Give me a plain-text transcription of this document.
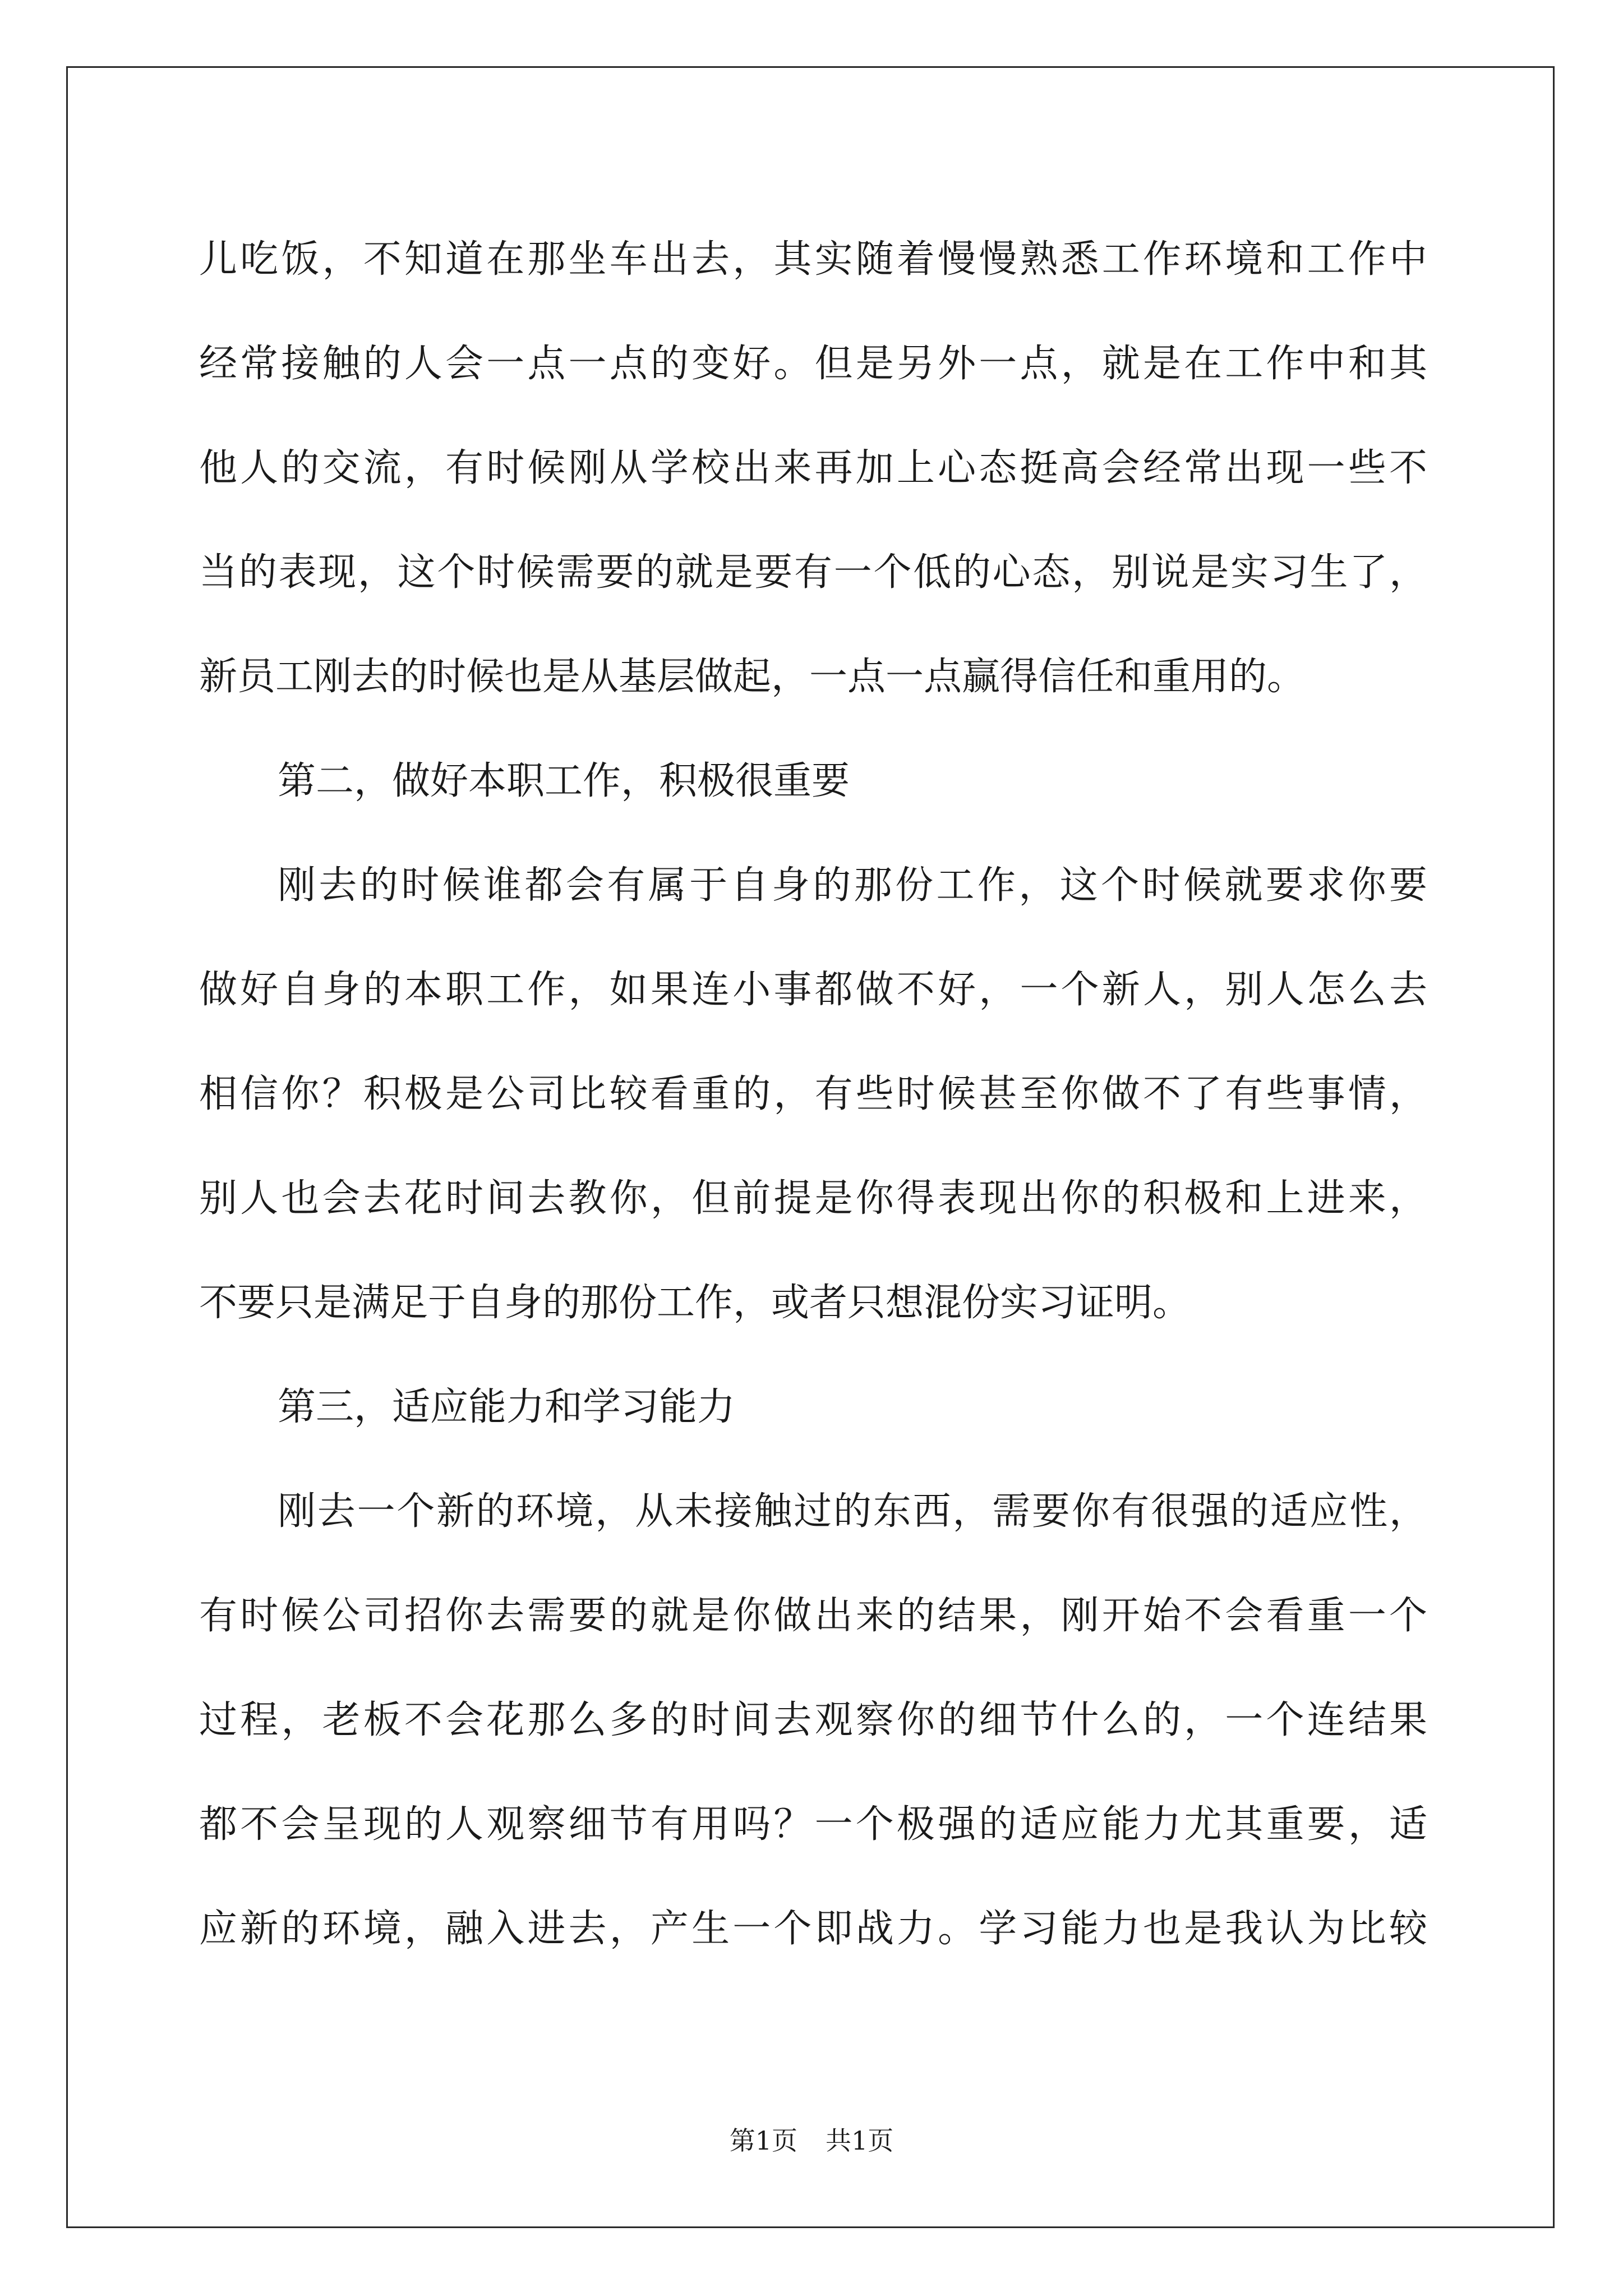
儿吃饭，不知道在那坐车出去，其实随着慢慢熟悉工作环境和工作中
经常接触的人会一点一点的变好。但是另外一点，就是在工作中和其
他人的交流，有时候刚从学校出来再加上心态挺高会经常出现一些不
当的表现，这个时候需要的就是要有一个低的心态，别说是实习生了，
新员工刚去的时候也是从基层做起，一点一点赢得信任和重用的。
第二，做好本职工作，积极很重要
刚去的时候谁都会有属于自身的那份工作，这个时候就要求你要
做好自身的本职工作，如果连小事都做不好，一个新人，别人怎么去
相信你？积极是公司比较看重的，有些时候甚至你做不了有些事情，
别人也会去花时间去教你，但前提是你得表现出你的积极和上进来，
不要只是满足于自身的那份工作，或者只想混份实习证明。
第三，适应能力和学习能力
刚去一个新的环境，从未接触过的东西，需要你有很强的适应性，
有时候公司招你去需要的就是你做出来的结果，刚开始不会看重一个
过程，老板不会花那么多的时间去观察你的细节什么的，一个连结果
都不会呈现的人观察细节有用吗？一个极强的适应能力尤其重要，适
应新的环境，融入进去，产生一个即战力。学习能力也是我认为比较
第1页 共1页
